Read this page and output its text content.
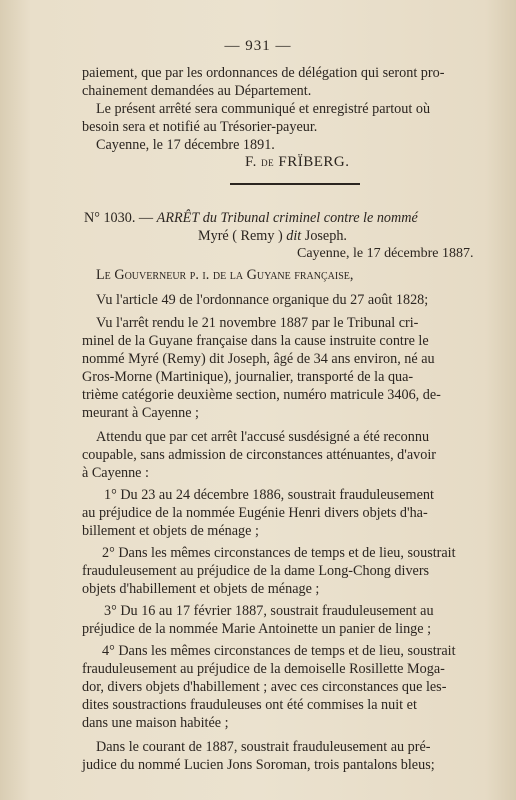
— 931 —
paiement, que par les ordonnances de délégation qui seront pro-
chainement demandées au Département.
Le présent arrêté sera communiqué et enregistré partout où
besoin sera et notifié au Trésorier-payeur.
Cayenne, le 17 décembre 1891.
F. de FRÏBERG.
N° 1030. — ARRÊT du Tribunal criminel contre le nommé
Myré ( Remy ) dit Joseph.
Cayenne, le 17 décembre 1887.
Le Gouverneur p. i. de la Guyane française,
Vu l'article 49 de l'ordonnance organique du 27 août 1828;
Vu l'arrêt rendu le 21 novembre 1887 par le Tribunal cri-
minel de la Guyane française dans la cause instruite contre le
nommé Myré (Remy) dit Joseph, âgé de 34 ans environ, né au
Gros-Morne (Martinique), journalier, transporté de la qua-
trième catégorie deuxième section, numéro matricule 3406, de-
meurant à Cayenne ;
Attendu que par cet arrêt l'accusé susdésigné a été reconnu
coupable, sans admission de circonstances atténuantes, d'avoir
à Cayenne :
1° Du 23 au 24 décembre 1886, soustrait frauduleusement
au préjudice de la nommée Eugénie Henri divers objets d'ha-
billement et objets de ménage ;
2° Dans les mêmes circonstances de temps et de lieu, soustrait
frauduleusement au préjudice de la dame Long-Chong divers
objets d'habillement et objets de ménage ;
3° Du 16 au 17 février 1887, soustrait frauduleusement au
préjudice de la nommée Marie Antoinette un panier de linge ;
4° Dans les mêmes circonstances de temps et de lieu, soustrait
frauduleusement au préjudice de la demoiselle Rosillette Moga-
dor, divers objets d'habillement ; avec ces circonstances que les-
dites soustractions frauduleuses ont été commises la nuit et
dans une maison habitée ;
Dans le courant de 1887, soustrait frauduleusement au pré-
judice du nommé Lucien Jons Soroman, trois pantalons bleus;
